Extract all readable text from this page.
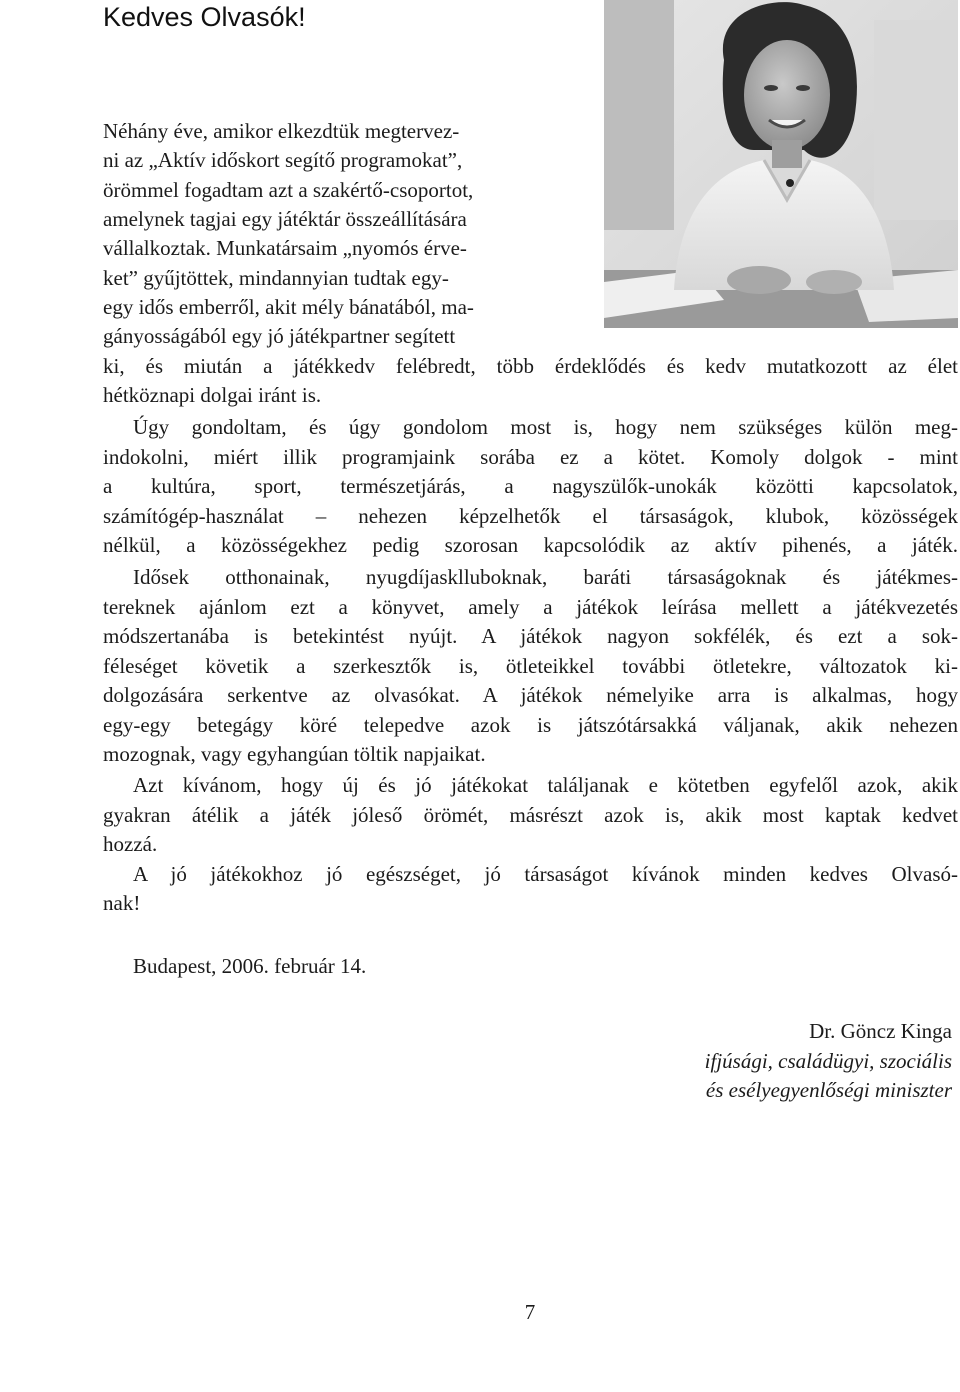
Kedves Olvasók!
Néhány éve, amikor elkezdtük megtervez-
ni az „Aktív időskort segítő programokat”,
örömmel fogadtam azt a szakértő-csoportot,
amelynek tagjai egy játéktár összeállítására
vállalkoztak. Munkatársaim „nyomós érve-
ket” gyűjtöttek, mindannyian tudtak egy-
egy idős emberről, akit mély bánatából, ma-
gányosságából egy jó játékpartner segített
ki, és miután a játékkedv felébredt, több érdeklődés és kedv mutatkozott az élet
hétköznapi dolgai iránt is.
Úgy gondoltam, és úgy gondolom most is, hogy nem szükséges külön meg-
indokolni, miért illik programjaink sorába ez a kötet. Komoly dolgok - mint
a kultúra, sport, természetjárás, a nagyszülők-unokák közötti kapcsolatok,
számítógép-használat – nehezen képzelhetők el társaságok, klubok, közösségek
nélkül, a közösségekhez pedig szorosan kapcsolódik az aktív pihenés, a játék.
Idősek otthonainak, nyugdíjasklluboknak, baráti társaságoknak és játékmes-
tereknek ajánlom ezt a könyvet, amely a játékok leírása mellett a játékvezetés
módszertanába is betekintést nyújt. A játékok nagyon sokfélék, és ezt a sok-
féleséget követik a szerkesztők is, ötleteikkel további ötletekre, változatok ki-
dolgozására serkentve az olvasókat. A játékok némelyike arra is alkalmas, hogy
egy-egy betegágy köré telepedve azok is játszótársakká váljanak, akik nehezen
mozognak, vagy egyhangúan töltik napjaikat.
Azt kívánom, hogy új és jó játékokat találjanak e kötetben egyfelől azok, akik
gyakran átélik a játék jóleső örömét, másrészt azok is, akik most kaptak kedvet
hozzá.
A jó játékokhoz jó egészséget, jó társaságot kívánok minden kedves Olvasó-
nak!
Budapest, 2006. február 14.
Dr. Göncz Kinga
ifjúsági, családügyi, szociális
és esélyegyenlőségi miniszter
7
